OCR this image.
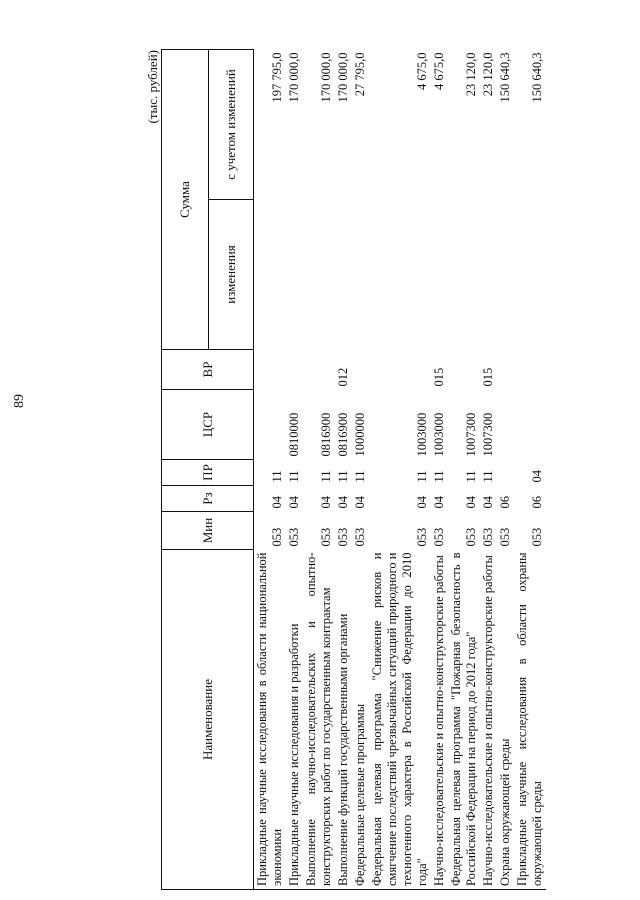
89
(тыс. рублей)
Наименование	Мин	Рз	ПР	ЦСР	ВР	Сумма	
						изменения	с учетом изменений
Прикладные научные исследования в области национальной экономики	053	04	11				197 795,0
Прикладные научные исследования и разработки	053	04	11	0810000			170 000,0
Выполнение научно-исследовательских и опытно-конструкторских работ по государственным контрактам	053	04	11	0816900			170 000,0
Выполнение функций государственными органами	053	04	11	0816900	012		170 000,0
Федеральные целевые программы	053	04	11	1000000			27 795,0
Федеральная целевая программа "Снижение рисков и смягчение последствий чрезвычайных ситуаций природного и техногенного характера в Российской Федерации до 2010 года"	053	04	11	1003000			4 675,0
Научно-исследовательские и опытно-конструкторские работы	053	04	11	1003000	015		4 675,0
Федеральная целевая программа "Пожарная безопасность в Российской Федерации на период до 2012 года"	053	04	11	1007300			23 120,0
Научно-исследовательские и опытно-конструкторские работы	053	04	11	1007300	015		23 120,0
Охрана окружающей среды	053	06					150 640,3
Прикладные научные исследования в области охраны окружающей среды	053	06	04				150 640,3
